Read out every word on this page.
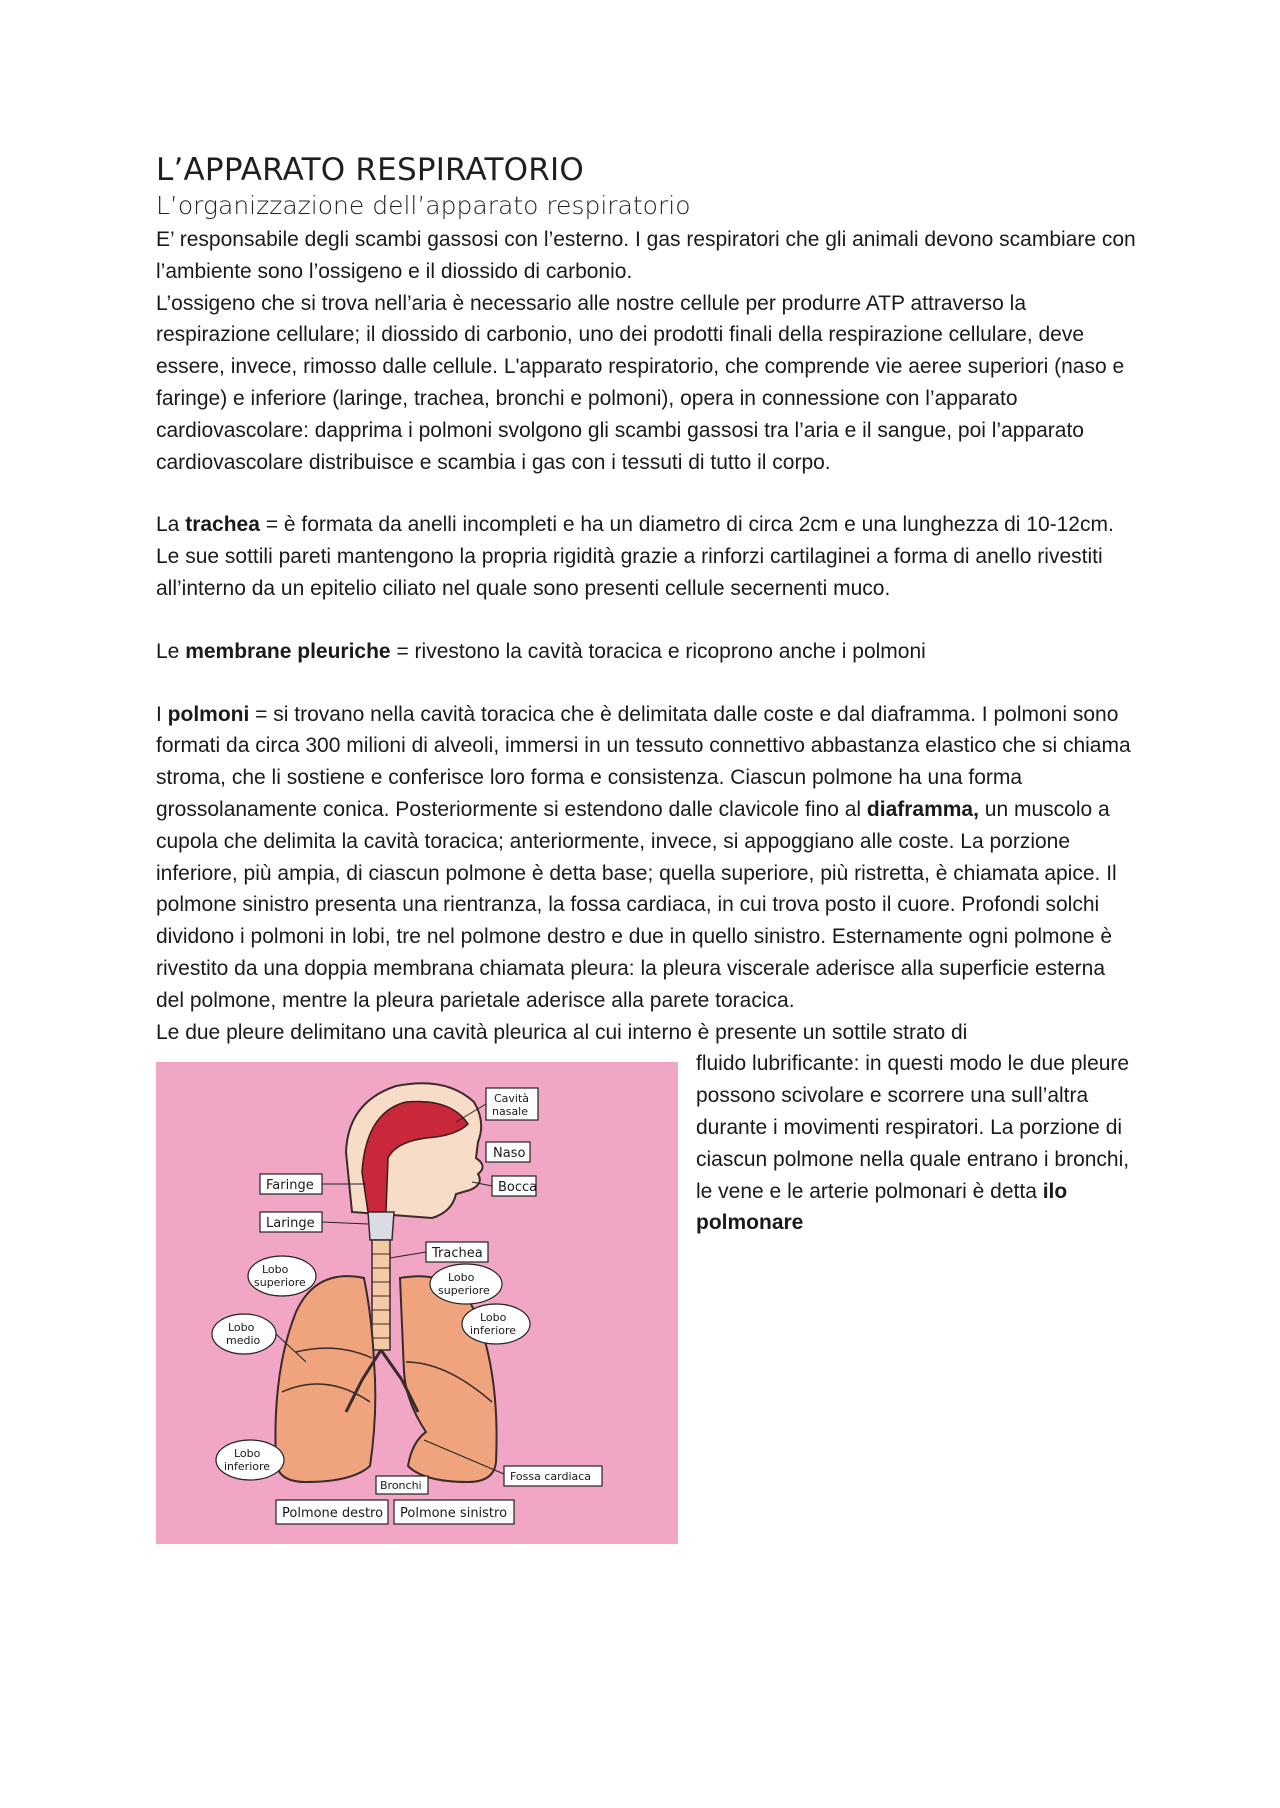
L’APPARATO RESPIRATORIO
L’organizzazione dell’apparato respiratorio

E’ responsabile degli scambi gassosi con l’esterno. I gas respiratori che gli animali devono scambiare con l’ambiente sono l’ossigeno e il diossido di carbonio.

L’ossigeno che si trova nell’aria è necessario alle nostre cellule per produrre ATP attraverso la respirazione cellulare; il diossido di carbonio, uno dei prodotti finali della respirazione cellulare, deve essere, invece, rimosso dalle cellule. L'apparato respiratorio, che comprende vie aeree superiori (naso e faringe) e inferiore (laringe, trachea, bronchi e polmoni), opera in connessione con l’apparato cardiovascolare: dapprima i polmoni svolgono gli scambi gassosi tra l’aria e il sangue, poi l’apparato cardiovascolare distribuisce e scambia i gas con i tessuti di tutto il corpo.

La trachea = è formata da anelli incompleti e ha un diametro di circa 2cm e una lunghezza di 10-12cm. Le sue sottili pareti mantengono la propria rigidità grazie a rinforzi cartilaginei a forma di anello rivestiti all’interno da un epitelio ciliato nel quale sono presenti cellule secernenti muco.

Le membrane pleuriche = rivestono la cavità toracica e ricoprono anche i polmoni

I polmoni = si trovano nella cavità toracica che è delimitata dalle coste e dal diaframma. I polmoni sono formati da circa 300 milioni di alveoli, immersi in un tessuto connettivo abbastanza elastico che si chiama stroma, che li sostiene e conferisce loro forma e consistenza. Ciascun polmone ha una forma grossolanamente conica. Posteriormente si estendono dalle clavicole fino al diaframma, un muscolo a cupola che delimita la cavità toracica; anteriormente, invece, si appoggiano alle coste. La porzione inferiore, più ampia, di ciascun polmone è detta base; quella superiore, più ristretta, è chiamata apice. Il polmone sinistro presenta una rientranza, la fossa cardiaca, in cui trova posto il cuore. Profondi solchi dividono i polmoni in lobi, tre nel polmone destro e due in quello sinistro. Esternamente ogni polmone è rivestito da una doppia membrana chiamata pleura: la pleura viscerale aderisce alla superficie esterna del polmone, mentre la pleura parietale aderisce alla parete toracica.

Le due pleure delimitano una cavità pleurica al cui interno è presente un sottile strato di

fluido lubrificante: in questi modo le due pleure possono scivolare e scorrere una sull’altra durante i movimenti respiratori. La porzione di ciascun polmone nella quale entrano i bronchi, le vene e le arterie polmonari è detta ilo polmonare

Cavità
nasale
Naso
Bocca
Faringe
Laringe
Trachea
Lobo
superiore	Lobo
superiore
Lobo
medio
Lobo
inferiore
Lobo
inferiore
Bronchi
Fossa cardiaca
Polmone destro Polmone sinistro
